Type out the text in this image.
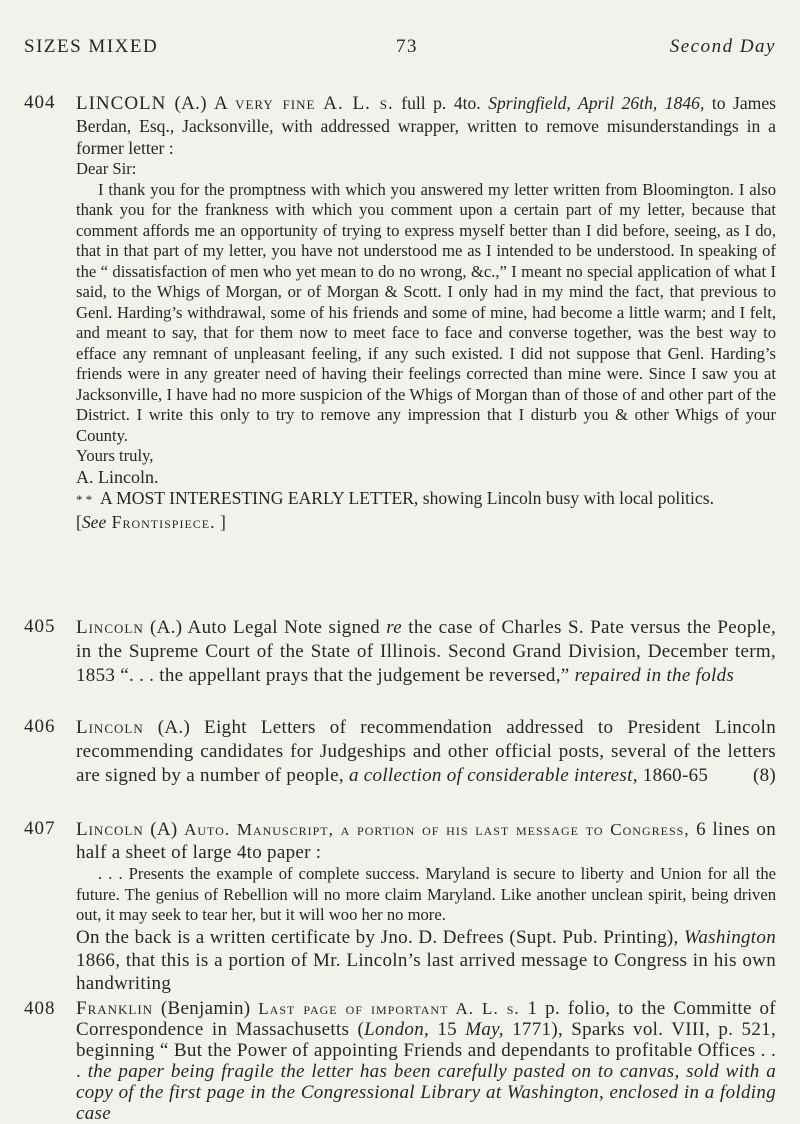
SIZES MIXED	73	Second Day
404 LINCOLN (A.) A very fine A. L. s. full p. 4to. Springfield, April 26th, 1846, to James Berdan, Esq., Jacksonville, with addressed wrapper, written to remove misunderstandings in a former letter :

Dear Sir:

I thank you for the promptness with which you answered my letter written from Bloomington. I also thank you for the frankness with which you comment upon a certain part of my letter, because that comment affords me an opportunity of trying to express myself better than I did before, seeing, as I do, that in that part of my letter, you have not understood me as I intended to be understood. In speaking of the “ dissatisfaction of men who yet mean to do no wrong, &c.,” I meant no special application of what I said, to the Whigs of Morgan, or of Morgan & Scott. I only had in my mind the fact, that previous to Genl. Harding’s withdrawal, some of his friends and some of mine, had become a little warm; and I felt, and meant to say, that for them now to meet face to face and converse together, was the best way to efface any remnant of unpleasant feeling, if any such existed. I did not suppose that Genl. Harding’s friends were in any greater need of having their feelings corrected than mine were. Since I saw you at Jacksonville, I have had no more suspicion of the Whigs of Morgan than of those of and other part of the District. I write this only to try to remove any impression that I disturb you & other Whigs of your County.

Yours truly,

A. Lincoln.

* * A MOST INTERESTING EARLY LETTER, showing Lincoln busy with local politics.

[See Frontispiece. ]

405 Lincoln (A.) Auto Legal Note signed re the case of Charles S. Pate versus the People, in the Supreme Court of the State of Illinois. Second Grand Division, December term, 1853 “. . . the appellant prays that the judgement be reversed,” repaired in the folds

406 Lincoln (A.) Eight Letters of recommendation addressed to President Lincoln recommending candidates for Judgeships and other official posts, several of the letters are signed by a number of people, a collection of considerable interest, 1860-65 (8)

407 Lincoln (A) Auto. Manuscript, a portion of his last message to Congress, 6 lines on half a sheet of large 4to paper :

. . . Presents the example of complete success. Maryland is secure to liberty and Union for all the future. The genius of Rebellion will no more claim Maryland. Like another unclean spirit, being driven out, it may seek to tear her, but it will woo her no more.

On the back is a written certificate by Jno. D. Defrees (Supt. Pub. Printing), Washington 1866, that this is a portion of Mr. Lincoln’s last arrived message to Congress in his own handwriting

408 Franklin (Benjamin) Last page of important A. L. s. 1 p. folio, to the Committe of Correspondence in Massachusetts (London, 15 May, 1771), Sparks vol. VIII, p. 521, beginning “ But the Power of appointing Friends and dependants to profitable Offices . . . the paper being fragile the letter has been carefully pasted on to canvas, sold with a copy of the first page in the Congressional Library at Washington, enclosed in a folding case
